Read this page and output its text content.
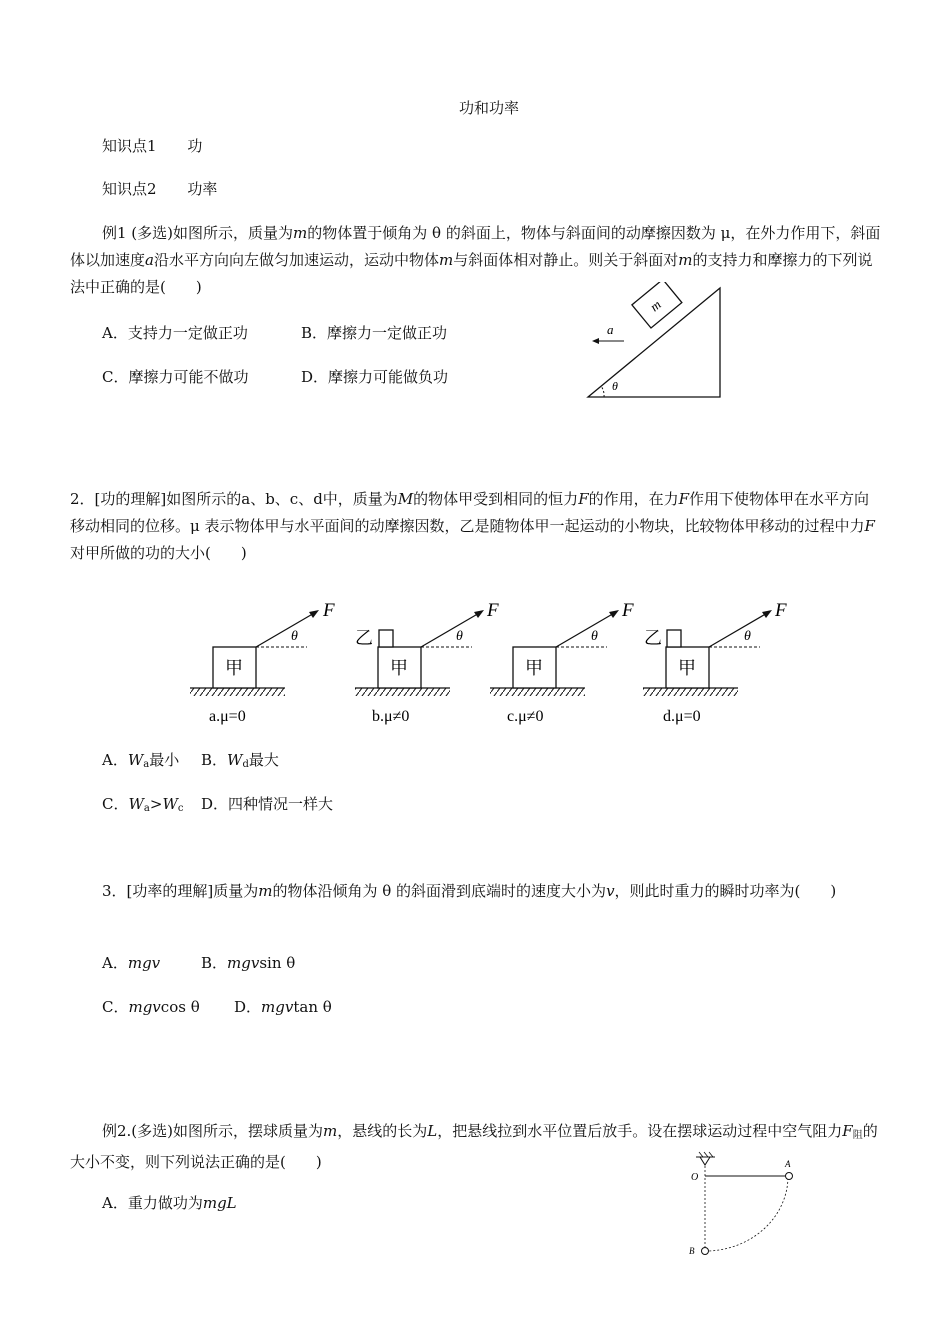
功和功率
知识点1 功
知识点2 功率
例1 (多选)如图所示，质量为m的物体置于倾角为 θ 的斜面上，物体与斜面间的动摩擦因数为 μ，在外力作用下，斜面体以加速度a沿水平方向向左做匀加速运动，运动中物体m与斜面体相对静止。则关于斜面对m的支持力和摩擦力的下列说法中正确的是(　　)
A．支持力一定做正功	B．摩擦力一定做正功
C．摩擦力可能不做功	D．摩擦力可能做负功
m
a
θ
2．[功的理解]如图所示的a、b、c、d中，质量为M的物体甲受到相同的恒力F的作用，在力F作用下使物体甲在水平方向移动相同的位移。μ 表示物体甲与水平面间的动摩擦因数，乙是随物体甲一起运动的小物块，比较物体甲移动的过程中力F对甲所做的功的大小(　　)
甲
F
θ
a.μ=0
甲
乙
F
θ
b.μ≠0
甲
F
θ
c.μ≠0
甲
乙
F
θ
d.μ=0
A．$W_a$最小 B．$W_d$最大
C．$W_a>W_c$ D．四种情况一样大
3．[功率的理解]质量为m的物体沿倾角为 θ 的斜面滑到底端时的速度大小为v，则此时重力的瞬时功率为(　　)
A．mgv	B．mgvsin θ
C．mgvcos θ D．mgvtan θ
例2.(多选)如图所示，摆球质量为m，悬线的长为L，把悬线拉到水平位置后放手。设在摆球运动过程中空气阻力$F_阻$的大小不变，则下列说法正确的是(　　)
A．重力做功为mgL
O
A
B
